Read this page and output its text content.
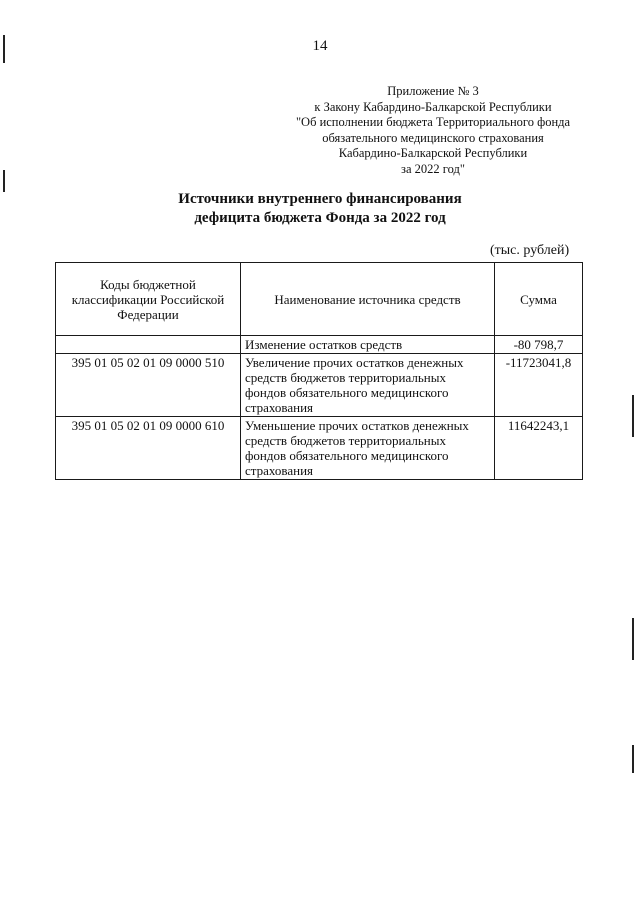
14
Приложение № 3
к Закону Кабардино-Балкарской Республики
"Об исполнении бюджета Территориального фонда
обязательного медицинского страхования
Кабардино-Балкарской Республики
за 2022 год"
Источники внутреннего финансирования
дефицита бюджета Фонда за 2022 год
(тыс. рублей)
Коды бюджетной классификации Российской Федерации	Наименование источника средств	Сумма
	Изменение остатков средств	-80 798,7
395 01 05 02 01 09 0000 510	Увеличение прочих остатков денежных средств бюджетов территориальных фондов обязательного медицинского страхования	-11723041,8
395 01 05 02 01 09 0000 610	Уменьшение прочих остатков денежных средств бюджетов территориальных фондов обязательного медицинского страхования	11642243,1
